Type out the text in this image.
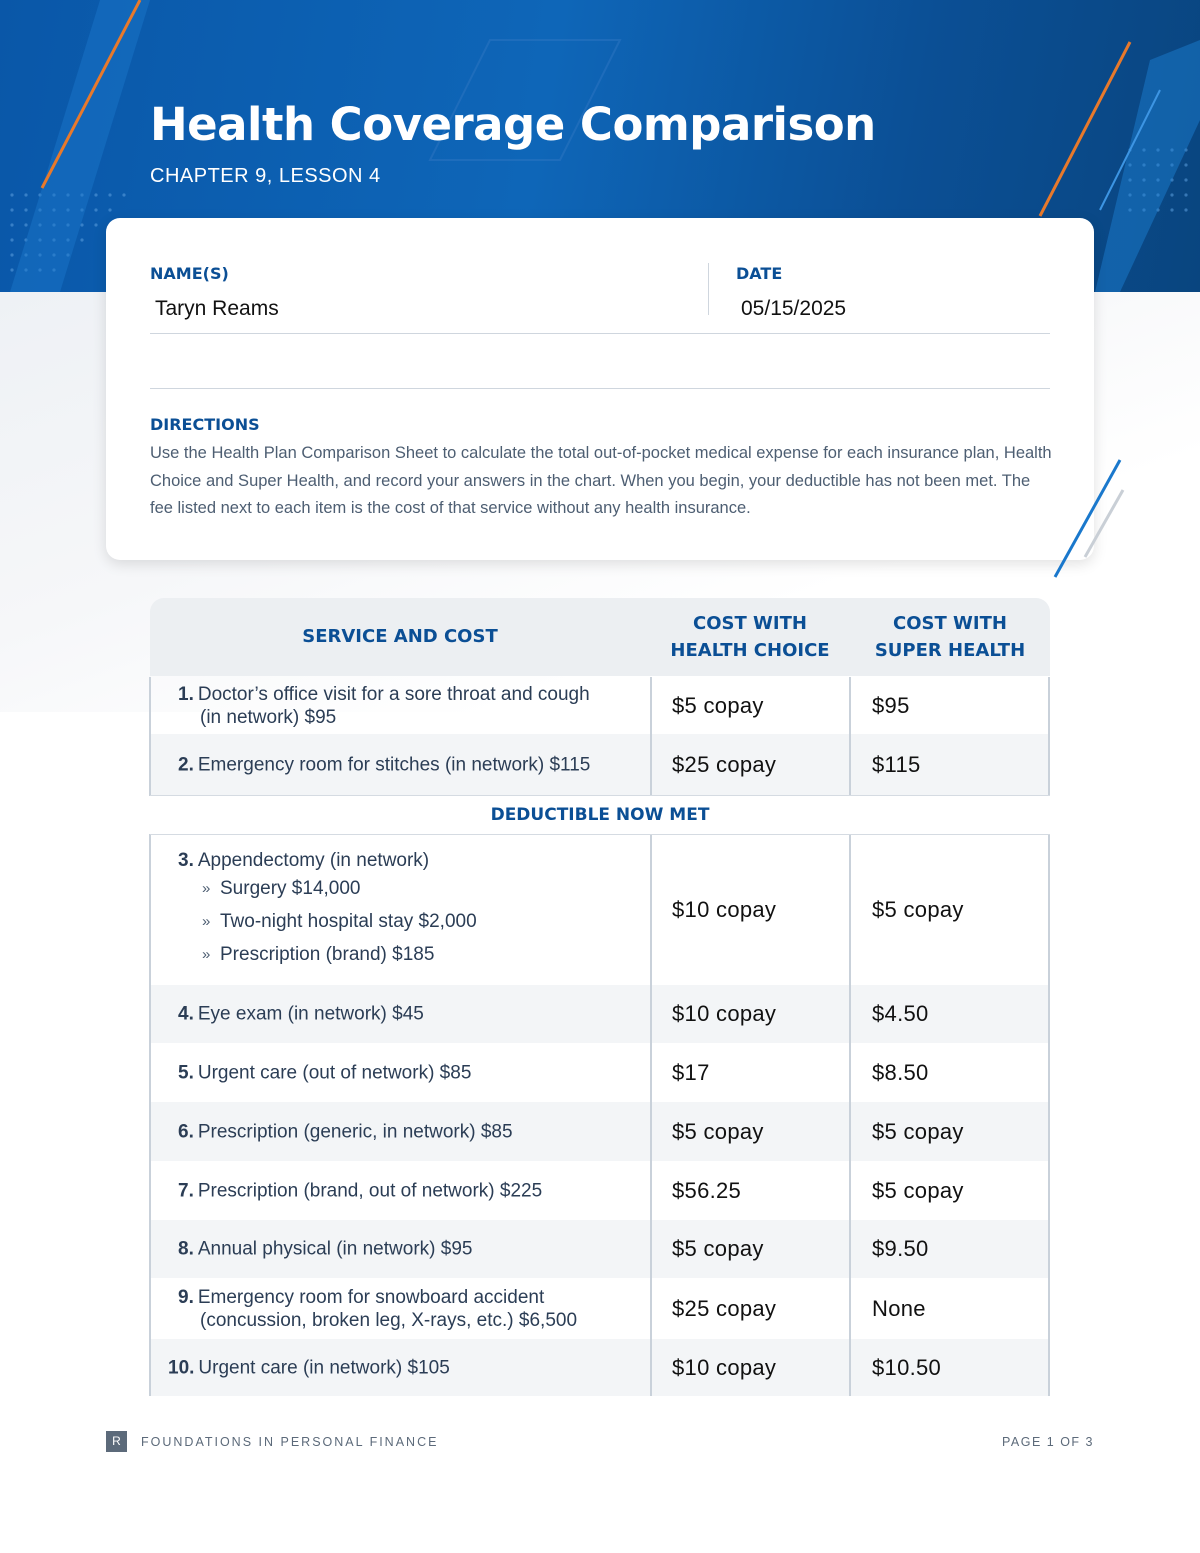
Health Coverage Comparison
CHAPTER 9, LESSON 4
NAME(S)
Taryn Reams
DATE
05/15/2025
DIRECTIONS
Use the Health Plan Comparison Sheet to calculate the total out-of-pocket medical expense for each insurance plan, Health Choice and Super Health, and record your answers in the chart. When you begin, your deductible has not been met. The fee listed next to each item is the cost of that service without any health insurance.
SERVICE AND COST
COST WITH
HEALTH CHOICE
COST WITH
SUPER HEALTH
1. Doctor’s office visit for a sore throat and cough
(in network) $95	$5 copay	$95
2. Emergency room for stitches (in network) $115	$25 copay	$115
DEDUCTIBLE NOW MET
3. Appendectomy (in network)
» Surgery $14,000
» Two-night hospital stay $2,000
» Prescription (brand) $185
$10 copay	$5 copay
4. Eye exam (in network) $45	$10 copay	$4.50
5. Urgent care (out of network) $85	$17	$8.50
6. Prescription (generic, in network) $85	$5 copay	$5 copay
7. Prescription (brand, out of network) $225	$56.25	$5 copay
8. Annual physical (in network) $95	$5 copay	$9.50
9. Emergency room for snowboard accident
(concussion, broken leg, X-rays, etc.) $6,500	$25 copay	None
10. Urgent care (in network) $105	$10 copay	$10.50
R	FOUNDATIONS IN PERSONAL FINANCE	PAGE 1 OF 3
